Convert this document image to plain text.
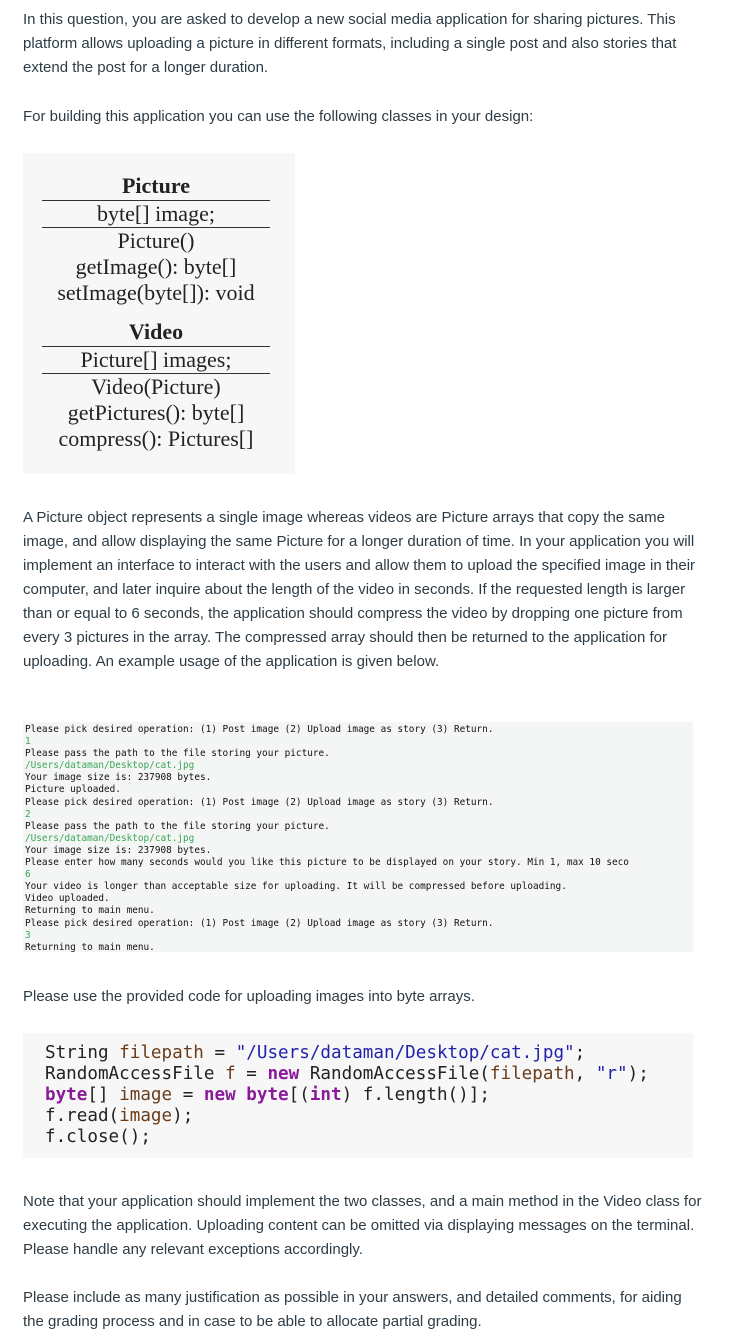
In this question, you are asked to develop a new social media application for sharing pictures. This platform allows uploading a picture in different formats, including a single post and also stories that extend the post for a longer duration.

For building this application you can use the following classes in your design:

Picture
byte[] image;
Picture()
getImage(): byte[]
setImage(byte[]): void
Video
Picture[] images;
Video(Picture)
getPictures(): byte[]
compress(): Pictures[]

A Picture object represents a single image whereas videos are Picture arrays that copy the same image, and allow displaying the same Picture for a longer duration of time. In your application you will implement an interface to interact with the users and allow them to upload the specified image in their computer, and later inquire about the length of the video in seconds. If the requested length is larger than or equal to 6 seconds, the application should compress the video by dropping one picture from every 3 pictures in the array. The compressed array should then be returned to the application for uploading. An example usage of the application is given below.

Please pick desired operation: (1) Post image (2) Upload image as story (3) Return.
1
Please pass the path to the file storing your picture.
/Users/dataman/Desktop/cat.jpg
Your image size is: 237908 bytes.
Picture uploaded.
Please pick desired operation: (1) Post image (2) Upload image as story (3) Return.
2
Please pass the path to the file storing your picture.
/Users/dataman/Desktop/cat.jpg
Your image size is: 237908 bytes.
Please enter how many seconds would you like this picture to be displayed on your story. Min 1, max 10 seco
6
Your video is longer than acceptable size for uploading. It will be compressed before uploading.
Video uploaded.
Returning to main menu.
Please pick desired operation: (1) Post image (2) Upload image as story (3) Return.
3
Returning to main menu.

Please use the provided code for uploading images into byte arrays.

String filepath = "/Users/dataman/Desktop/cat.jpg";
RandomAccessFile f = new RandomAccessFile(filepath, "r");
byte[] image = new byte[(int) f.length()];
f.read(image);
f.close();

Note that your application should implement the two classes, and a main method in the Video class for executing the application. Uploading content can be omitted via displaying messages on the terminal. Please handle any relevant exceptions accordingly.

Please include as many justification as possible in your answers, and detailed comments, for aiding the grading process and in case to be able to allocate partial grading.
